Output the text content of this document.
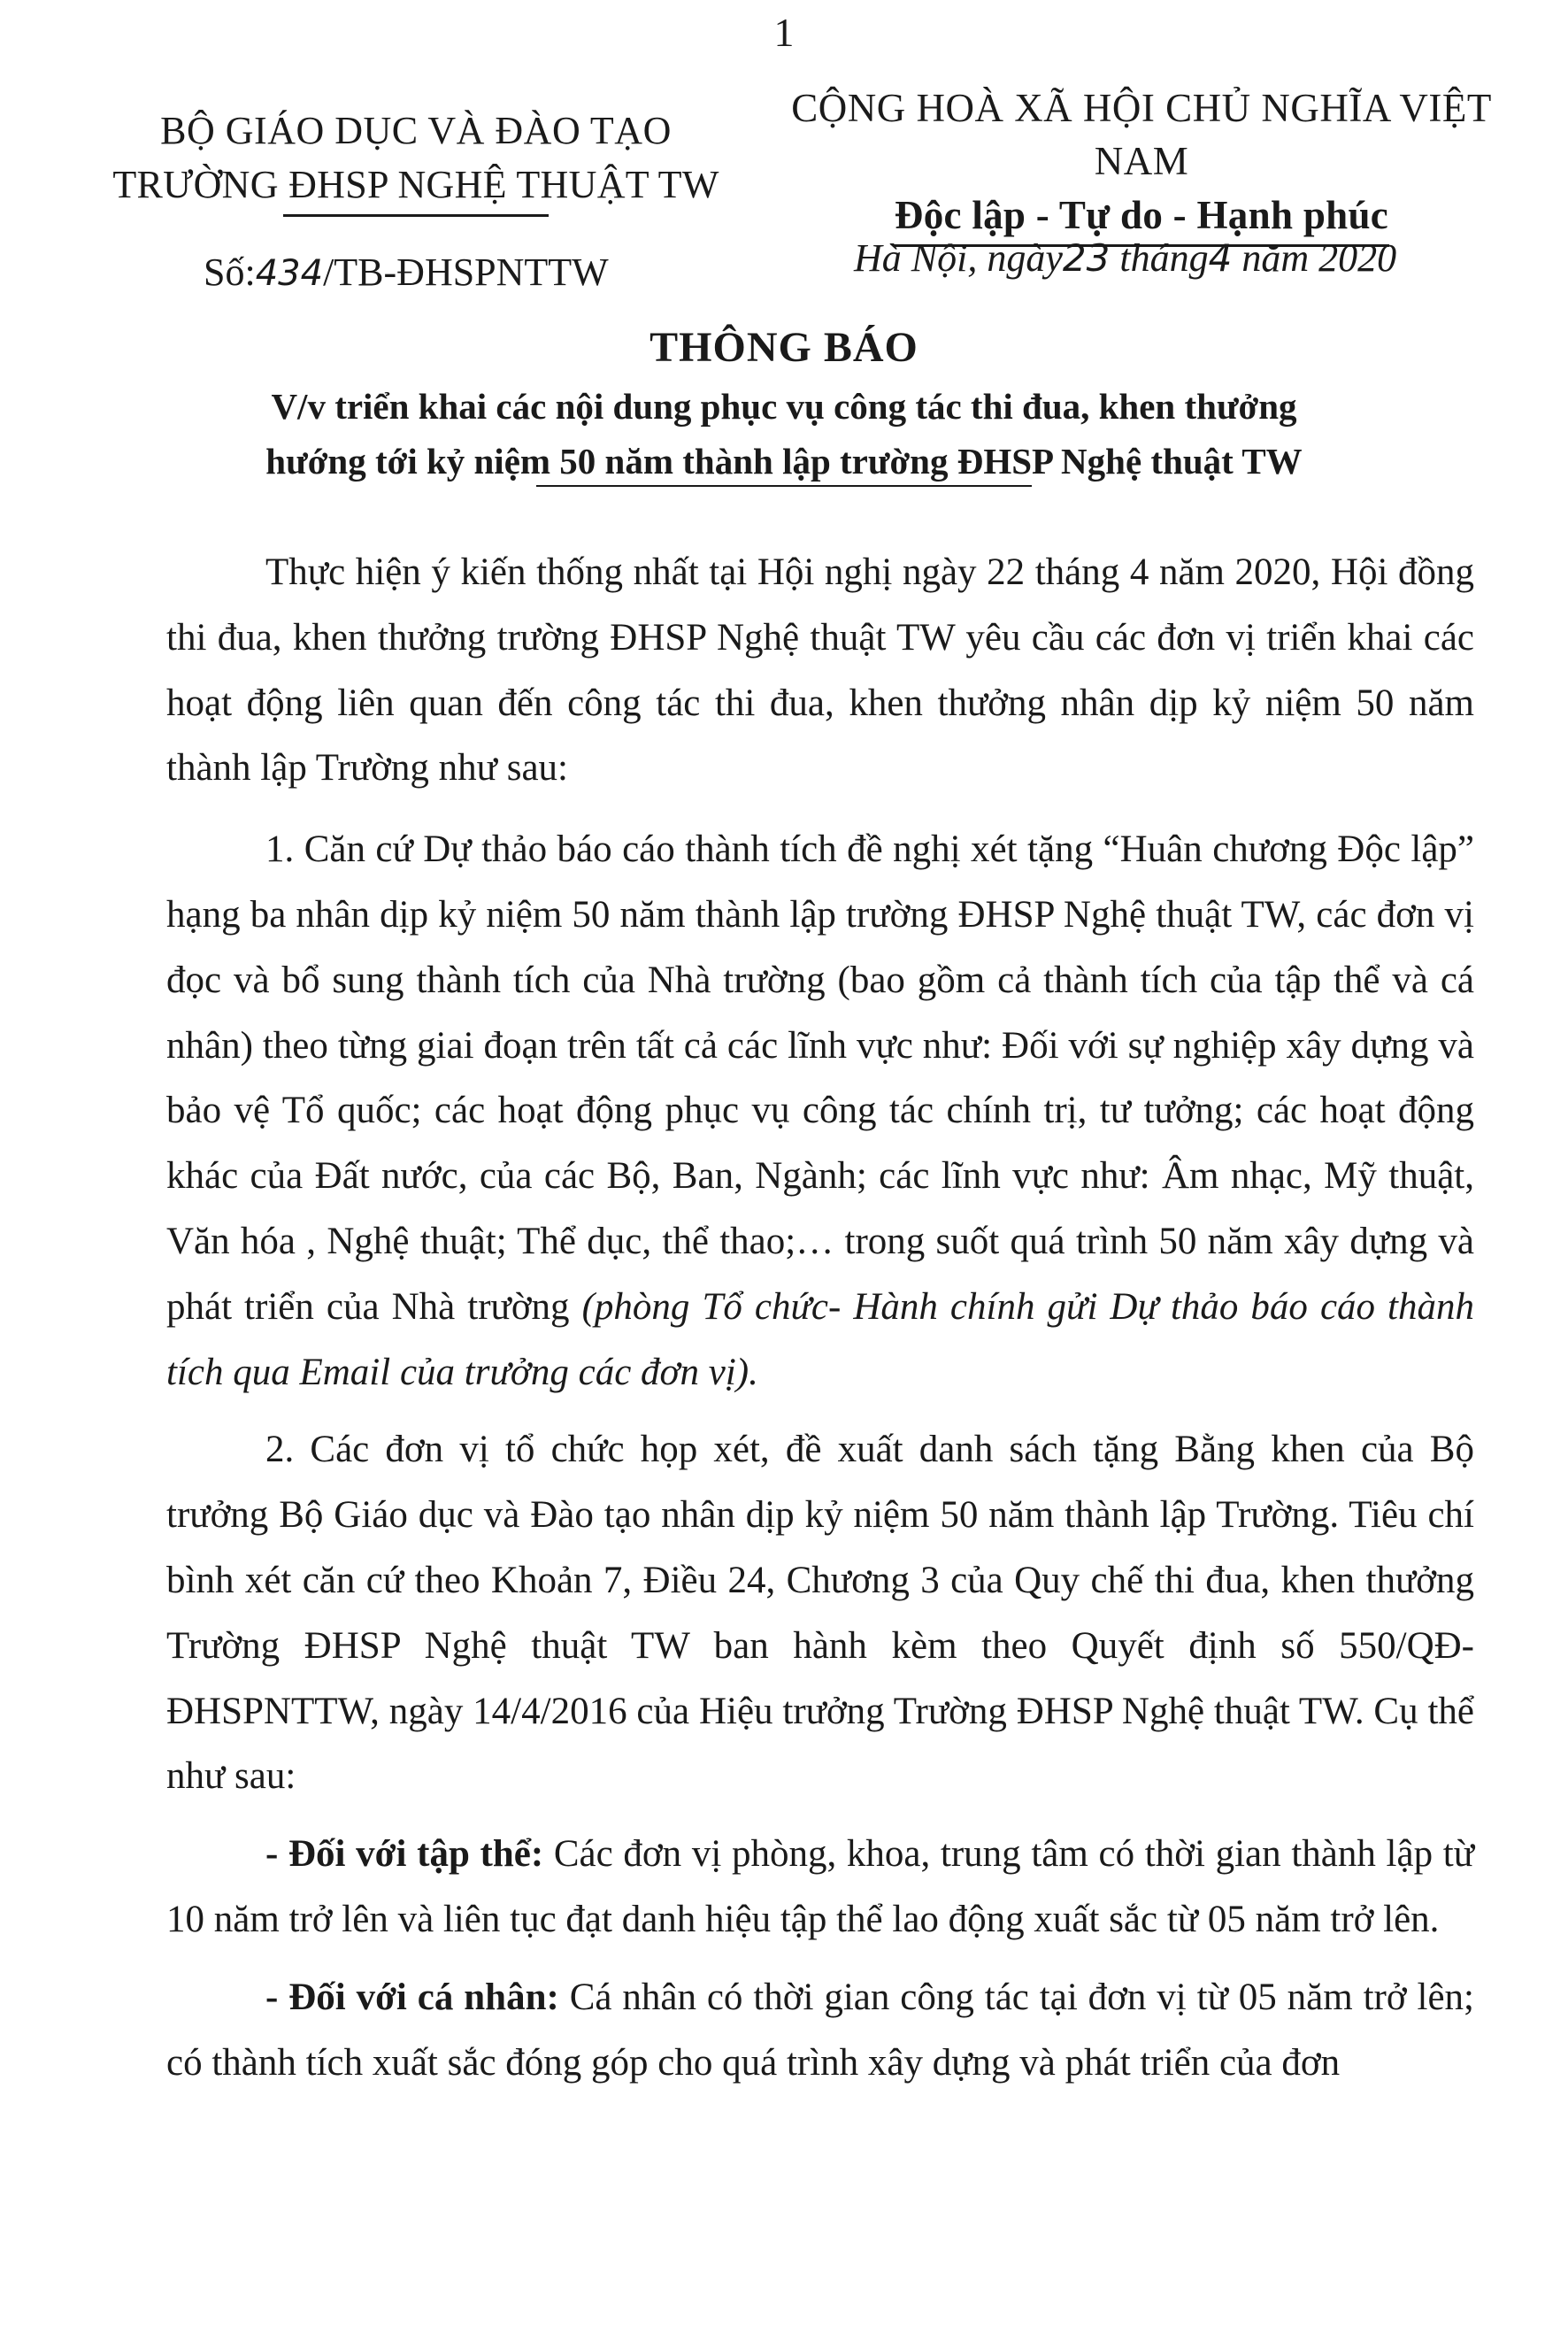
1
BỘ GIÁO DỤC VÀ ĐÀO TẠO
TRƯỜNG ĐHSP NGHỆ THUẬT TW
CỘNG HOÀ XÃ HỘI CHỦ NGHĨA VIỆT NAM
Độc lập - Tự do - Hạnh phúc
Số:434/TB-ĐHSPNTTW	Hà Nội, ngày23 tháng4 năm 2020
THÔNG BÁO
V/v triển khai các nội dung phục vụ công tác thi đua, khen thưởng
hướng tới kỷ niệm 50 năm thành lập trường ĐHSP Nghệ thuật TW

Thực hiện ý kiến thống nhất tại Hội nghị ngày 22 tháng 4 năm 2020, Hội đồng thi đua, khen thưởng trường ĐHSP Nghệ thuật TW yêu cầu các đơn vị triển khai các hoạt động liên quan đến công tác thi đua, khen thưởng nhân dịp kỷ niệm 50 năm thành lập Trường như sau:

1. Căn cứ Dự thảo báo cáo thành tích đề nghị xét tặng “Huân chương Độc lập” hạng ba nhân dịp kỷ niệm 50 năm thành lập trường ĐHSP Nghệ thuật TW, các đơn vị đọc và bổ sung thành tích của Nhà trường (bao gồm cả thành tích của tập thể và cá nhân) theo từng giai đoạn trên tất cả các lĩnh vực như: Đối với sự nghiệp xây dựng và bảo vệ Tổ quốc; các hoạt động phục vụ công tác chính trị, tư tưởng; các hoạt động khác của Đất nước, của các Bộ, Ban, Ngành; các lĩnh vực như: Âm nhạc, Mỹ thuật, Văn hóa , Nghệ thuật; Thể dục, thể thao;… trong suốt quá trình 50 năm xây dựng và phát triển của Nhà trường (phòng Tổ chức- Hành chính gửi Dự thảo báo cáo thành tích qua Email của trưởng các đơn vị).

2. Các đơn vị tổ chức họp xét, đề xuất danh sách tặng Bằng khen của Bộ trưởng Bộ Giáo dục và Đào tạo nhân dịp kỷ niệm 50 năm thành lập Trường. Tiêu chí bình xét căn cứ theo Khoản 7, Điều 24, Chương 3 của Quy chế thi đua, khen thưởng Trường ĐHSP Nghệ thuật TW ban hành kèm theo Quyết định số 550/QĐ-ĐHSPNTTW, ngày 14/4/2016 của Hiệu trưởng Trường ĐHSP Nghệ thuật TW. Cụ thể như sau:

- Đối với tập thể: Các đơn vị phòng, khoa, trung tâm có thời gian thành lập từ 10 năm trở lên và liên tục đạt danh hiệu tập thể lao động xuất sắc từ 05 năm trở lên.

- Đối với cá nhân: Cá nhân có thời gian công tác tại đơn vị từ 05 năm trở lên; có thành tích xuất sắc đóng góp cho quá trình xây dựng và phát triển của đơn
